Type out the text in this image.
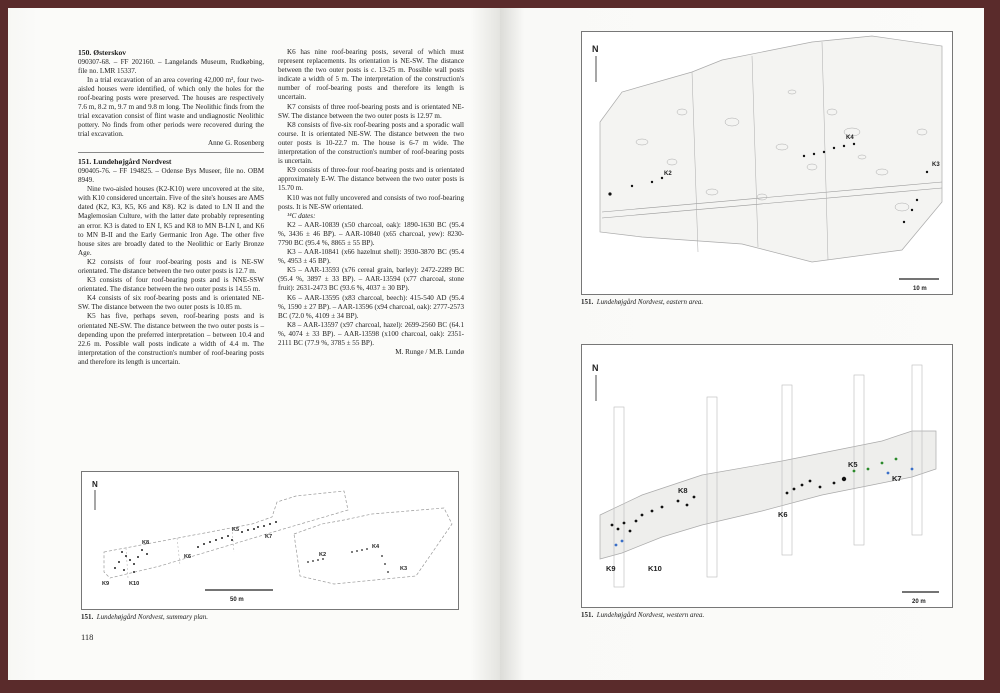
150. Østerskov

090307-68. – FF 202160. – Langelands Museum, Rudkøbing, file no. LMR 15337.

In a trial excavation of an area covering 42,000 m², four two-aisled houses were identified, of which only the holes for the roof-bearing posts were preserved. The houses are respectively 7.6 m, 8.2 m, 9.7 m and 9.8 m long. The Neolithic finds from the trial excavation consist of flint waste and undiagnostic Neolithic pottery. No finds from other periods were recovered during the trial excavation.

Anne G. Rosenberg

151. Lundehøjgård Nordvest

090405-76. – FF 194825. – Odense Bys Museer, file no. OBM 8949.

Nine two-aisled houses (K2-K10) were uncovered at the site, with K10 considered uncertain. Five of the site's houses are AMS dated (K2, K3, K5, K6 and K8). K2 is dated to LN II and the Maglemosian Culture, with the latter date probably representing an error. K3 is dated to EN I, K5 and K8 to MN B-LN I, and K6 to MN B-II and the Early Germanic Iron Age. The other five house sites are broadly dated to the Neolithic or Early Bronze Age.

K2 consists of four roof-bearing posts and is NE-SW orientated. The distance between the two outer posts is 12.7 m.

K3 consists of four roof-bearing posts and is NNE-SSW orientated. The distance between the two outer posts is 14.55 m.

K4 consists of six roof-bearing posts and is orientated NE-SW. The distance between the two outer posts is 10.85 m.

K5 has five, perhaps seven, roof-bearing posts and is orientated NE-SW. The distance between the two outer posts is – depending upon the preferred interpretation – between 10.4 and 22.6 m. Possible wall posts indicate a width of 4.4 m. The interpretation of the construction's number of roof-bearing posts and therefore its length is uncertain.

K6 has nine roof-bearing posts, several of which must represent replacements. Its orientation is NE-SW. The distance between the two outer posts is c. 13-25 m. Possible wall posts indicate a width of 5 m. The interpretation of the construction's number of roof-bearing posts and therefore its length is uncertain.

K7 consists of three roof-bearing posts and is orientated NE-SW. The distance between the two outer posts is 12.97 m.

K8 consists of five-six roof-bearing posts and a sporadic wall course. It is orientated NE-SW. The distance between the two outer posts is 10-22.7 m. The house is 6-7 m wide. The interpretation of the construction's number of roof-bearing posts is uncertain.

K9 consists of three-four roof-bearing posts and is orientated approximately E-W. The distance between the two outer posts is 15.70 m.

K10 was not fully uncovered and consists of two roof-bearing posts. It is NE-SW orientated.

¹⁴C dates:

K2 – AAR-10839 (x50 charcoal, oak): 1890-1630 BC (95.4 %, 3436 ± 46 BP). – AAR-10840 (x65 charcoal, yew): 8230-7790 BC (95.4 %, 8865 ± 55 BP).

K3 – AAR-10841 (x66 hazelnut shell): 3930-3870 BC (95.4 %, 4953 ± 45 BP).

K5 – AAR-13593 (x76 cereal grain, barley): 2472-2289 BC (95.4 %, 3897 ± 33 BP). – AAR-13594 (x77 charcoal, stone fruit): 2631-2473 BC (93.6 %, 4037 ± 30 BP).

K6 – AAR-13595 (x83 charcoal, beech): 415-540 AD (95.4 %, 1590 ± 27 BP). – AAR-13596 (x94 charcoal, oak): 2777-2573 BC (72.0 %, 4109 ± 34 BP).

K8 – AAR-13597 (x97 charcoal, hazel): 2699-2560 BC (64.1 %, 4074 ± 33 BP). – AAR-13598 (x100 charcoal, oak): 2351-2111 BC (77.9 %, 3785 ± 55 BP).

M. Runge / M.B. Lundø

N
K8
K6
K5
K7
K9	K10
K2
K4
K3
50 m
151. Lundehøjgård Nordvest, summary plan.
118
N
K4
K2
K3
10 m
151. Lundehøjgård Nordvest, eastern area.
N
K8
K5
K7
K6
K9	K10
20 m
151. Lundehøjgård Nordvest, western area.
